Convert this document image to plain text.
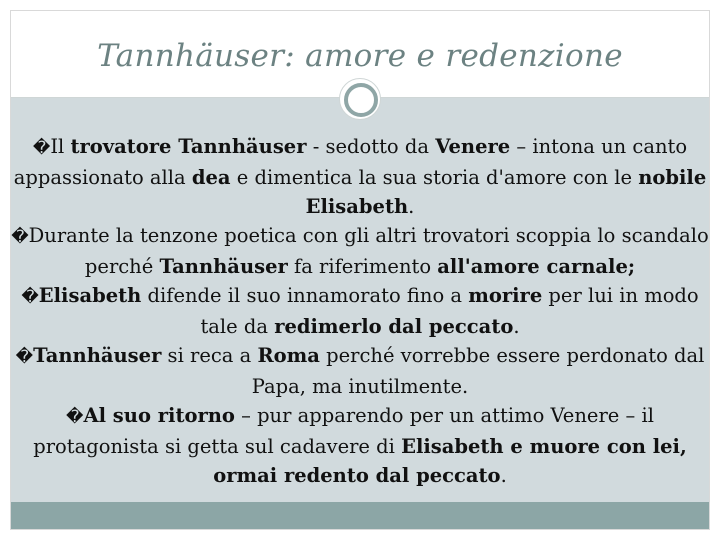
Tannhäuser: amore e redenzione

�Il trovatore Tannhäuser - sedotto da Venere – intona un canto appassionato alla dea e dimentica la sua storia d'amore con le nobile Elisabeth.

�Durante la tenzone poetica con gli altri trovatori scoppia lo scandalo perché Tannhäuser fa riferimento all'amore carnale;

�Elisabeth difende il suo innamorato fino a morire per lui in modo tale da redimerlo dal peccato.

�Tannhäuser si reca a Roma perché vorrebbe essere perdonato dal Papa, ma inutilmente.

�Al suo ritorno – pur apparendo per un attimo Venere – il protagonista si getta sul cadavere di Elisabeth e muore con lei, ormai redento dal peccato.
